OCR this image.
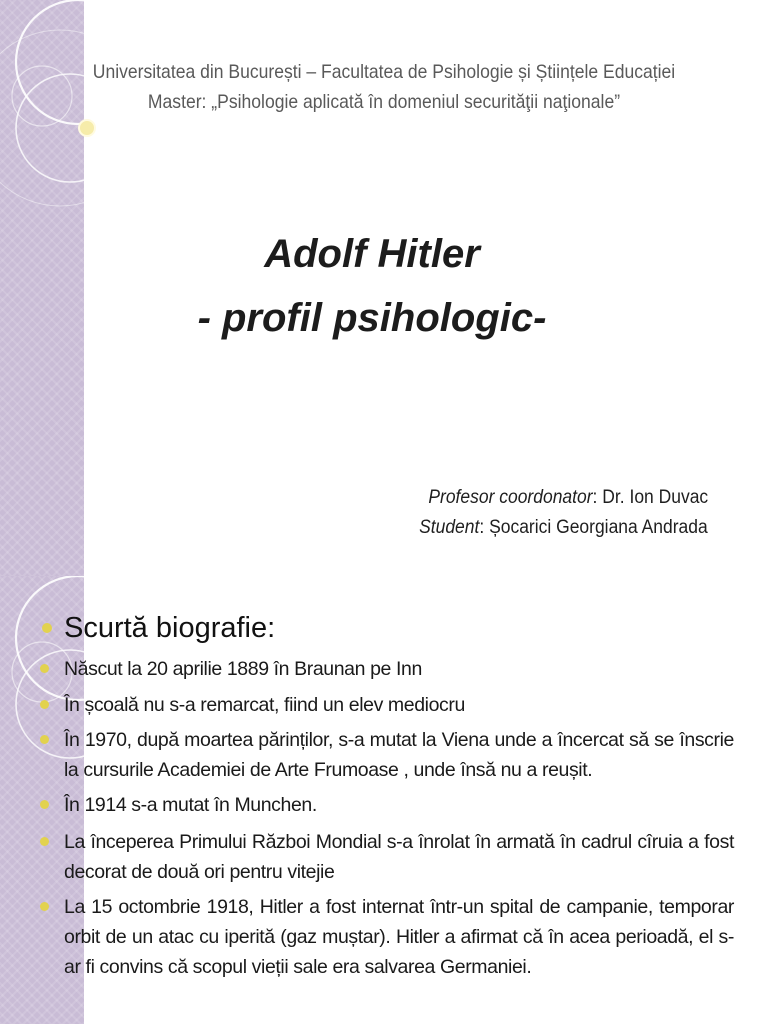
Universitatea din București – Facultatea de Psihologie și Științele Educației
Master: „Psihologie aplicată în domeniul securităţii naţionale”
Adolf Hitler
- profil psihologic-
Profesor coordonator: Dr. Ion Duvac
Student: Șocarici Georgiana Andrada
Scurtă biografie:
Născut la 20 aprilie 1889 în Braunan pe Inn
În școală nu s-a remarcat, fiind un elev mediocru
În 1970, după moartea părinților, s-a mutat la Viena unde a încercat să se înscrie la cursurile Academiei de Arte Frumoase , unde însă nu a reușit.
În 1914 s-a mutat în Munchen.
La începerea Primului Război Mondial s-a înrolat în armată în cadrul cîruia a fost decorat de două ori pentru vitejie
La 15 octombrie 1918, Hitler a fost internat într-un spital de campanie, temporar orbit de un atac cu iperită (gaz muștar). Hitler a afirmat că în acea perioadă, el s-ar fi convins că scopul vieții sale era salvarea Germaniei.
